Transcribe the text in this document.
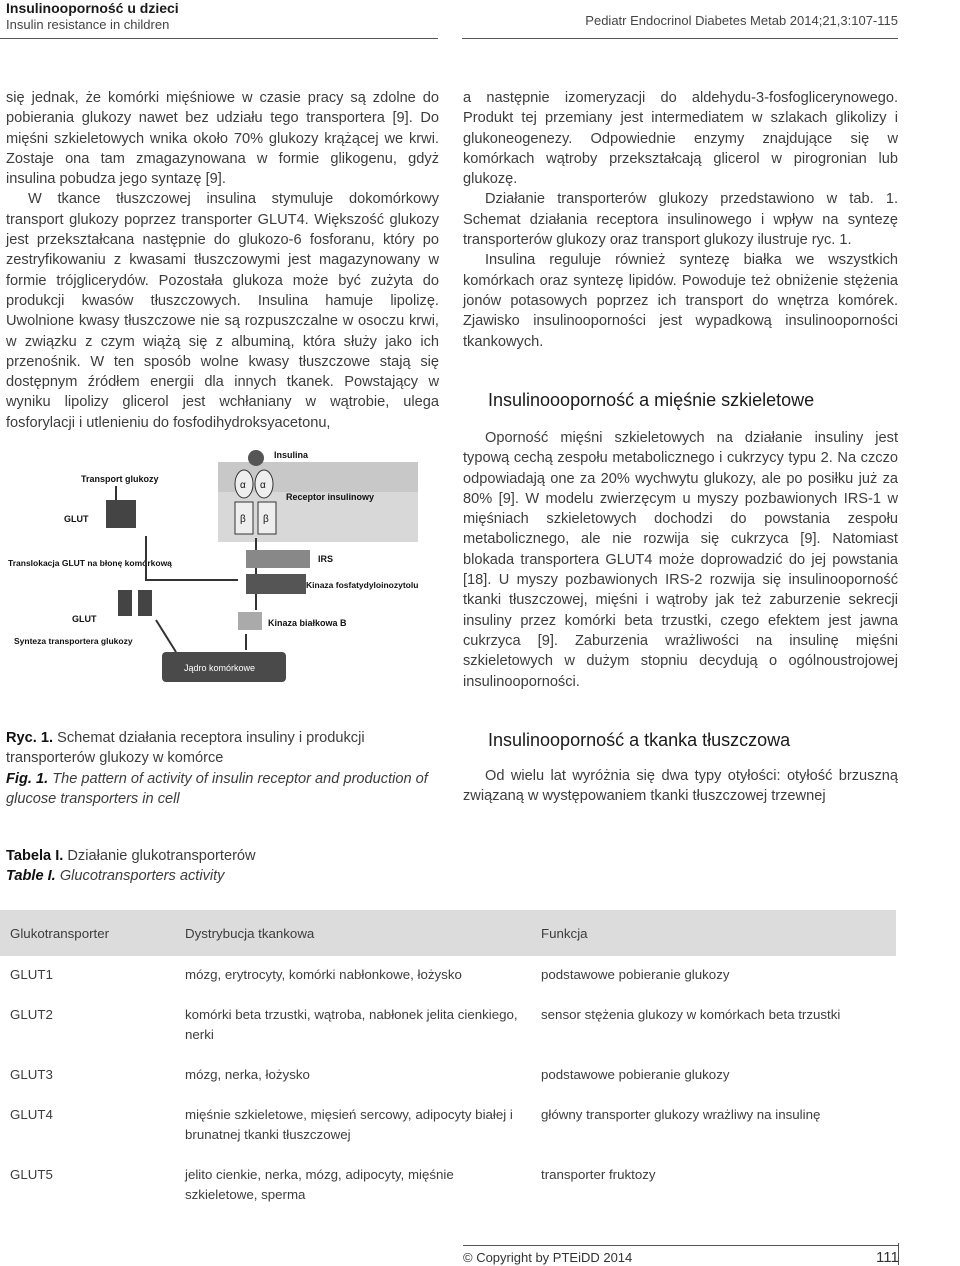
Insulinooporność u dzieci
Insulin resistance in children	Pediatr Endocrinol Diabetes Metab 2014;21,3:107-115

się jednak, że komórki mięśniowe w czasie pracy są zdolne do pobierania glukozy nawet bez udziału tego transportera [9]. Do mięśni szkieletowych wnika około 70% glukozy krążącej we krwi. Zostaje ona tam zmagazynowana w formie glikogenu, gdyż insulina pobudza jego syntazę [9].

W tkance tłuszczowej insulina stymuluje dokomórkowy transport glukozy poprzez transporter GLUT4. Większość glukozy jest przekształcana następnie do glukozo-6 fosforanu, który po zestryfikowaniu z kwasami tłuszczowymi jest magazynowany w formie trójglicerydów. Pozostała glukoza może być zużyta do produkcji kwasów tłuszczowych. Insulina hamuje lipolizę. Uwolnione kwasy tłuszczowe nie są rozpuszczalne w osoczu krwi, w związku z czym wiążą się z albuminą, która służy jako ich przenośnik. W ten sposób wolne kwasy tłuszczowe stają się dostępnym źródłem energii dla innych tkanek. Powstający w wyniku lipolizy glicerol jest wchłaniany w wątrobie, ulega fosforylacji i utlenieniu do fosfodihydroksyacetonu,

Insulina
α α
β β
Receptor insulinowy
Transport glukozy
GLUT
IRS
Kinaza fosfatydyloinozytolu
Translokacja GLUT na błonę komórkową
GLUT
Synteza transportera glukozy
Kinaza białkowa B
Jądro komórkowe
Ryc. 1. Schemat działania receptora insuliny i produkcji transporterów glukozy w komórce
Fig. 1. The pattern of activity of insulin receptor and production of glucose transporters in cell

a następnie izomeryzacji do aldehydu-3-fosfoglicerynowego. Produkt tej przemiany jest intermediatem w szlakach glikolizy i glukoneogenezy. Odpowiednie enzymy znajdujące się w komórkach wątroby przekształcają glicerol w pirogronian lub glukozę.

Działanie transporterów glukozy przedstawiono w tab. 1. Schemat działania receptora insulinowego i wpływ na syntezę transporterów glukozy oraz transport glukozy ilustruje ryc. 1.

Insulina reguluje również syntezę białka we wszystkich komórkach oraz syntezę lipidów. Powoduje też obniżenie stężenia jonów potasowych poprzez ich transport do wnętrza komórek. Zjawisko insulinooporności jest wypadkową insulinooporności tkankowych.

Insulinoooporność a mięśnie szkieletowe

Oporność mięśni szkieletowych na działanie insuliny jest typową cechą zespołu metabolicznego i cukrzycy typu 2. Na czczo odpowiadają one za 20% wychwytu glukozy, ale po posiłku już za 80% [9]. W modelu zwierzęcym u myszy pozbawionych IRS-1 w mięśniach szkieletowych dochodzi do powstania zespołu metabolicznego, ale nie rozwija się cukrzyca [9]. Natomiast blokada transportera GLUT4 może doprowadzić do jej powstania [18]. U myszy pozbawionych IRS-2 rozwija się insulinooporność tkanki tłuszczowej, mięśni i wątroby jak też zaburzenie sekrecji insuliny przez komórki beta trzustki, czego efektem jest jawna cukrzyca [9]. Zaburzenia wrażliwości na insulinę mięśni szkieletowych w dużym stopniu decydują o ogólnoustrojowej insulinooporności.

Insulinooporność a tkanka tłuszczowa

Od wielu lat wyróżnia się dwa typy otyłości: otyłość brzuszną związaną w występowaniem tkanki tłuszczowej trzewnej

Tabela I. Działanie glukotransporterów
Table I. Glucotransporters activity
Glukotransporter	Dystrybucja tkankowa	Funkcja
GLUT1	mózg, erytrocyty, komórki nabłonkowe, łożysko	podstawowe pobieranie glukozy
GLUT2	komórki beta trzustki, wątroba, nabłonek jelita cienkiego, nerki	sensor stężenia glukozy w komórkach beta trzustki
GLUT3	mózg, nerka, łożysko	podstawowe pobieranie glukozy
GLUT4	mięśnie szkieletowe, mięsień sercowy, adipocyty białej i brunatnej tkanki tłuszczowej	główny transporter glukozy wrażliwy na insulinę
GLUT5	jelito cienkie, nerka, mózg, adipocyty, mięśnie szkieletowe, sperma	transporter fruktozy
© Copyright by PTEiDD 2014	111
